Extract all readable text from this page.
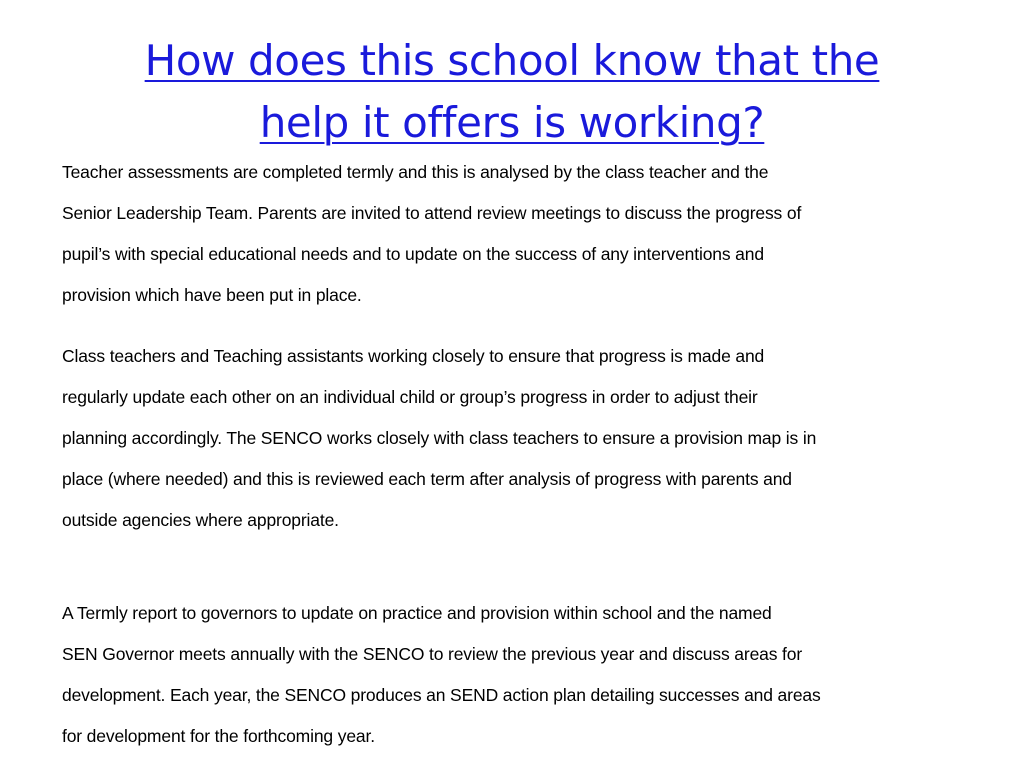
How does this school know that the
help it offers is working?

Teacher assessments are completed termly and this is analysed by the class teacher and the
Senior Leadership Team. Parents are invited to attend review meetings to discuss the progress of
pupil’s with special educational needs and to update on the success of any interventions and
provision which have been put in place.

Class teachers and Teaching assistants working closely to ensure that progress is made and
regularly update each other on an individual child or group’s progress in order to adjust their
planning accordingly. The SENCO works closely with class teachers to ensure a provision map is in
place (where needed) and this is reviewed each term after analysis of progress with parents and
outside agencies where appropriate.

A Termly report to governors to update on practice and provision within school and the named
SEN Governor meets annually with the SENCO to review the previous year and discuss areas for
development. Each year, the SENCO produces an SEND action plan detailing successes and areas
for development for the forthcoming year.
